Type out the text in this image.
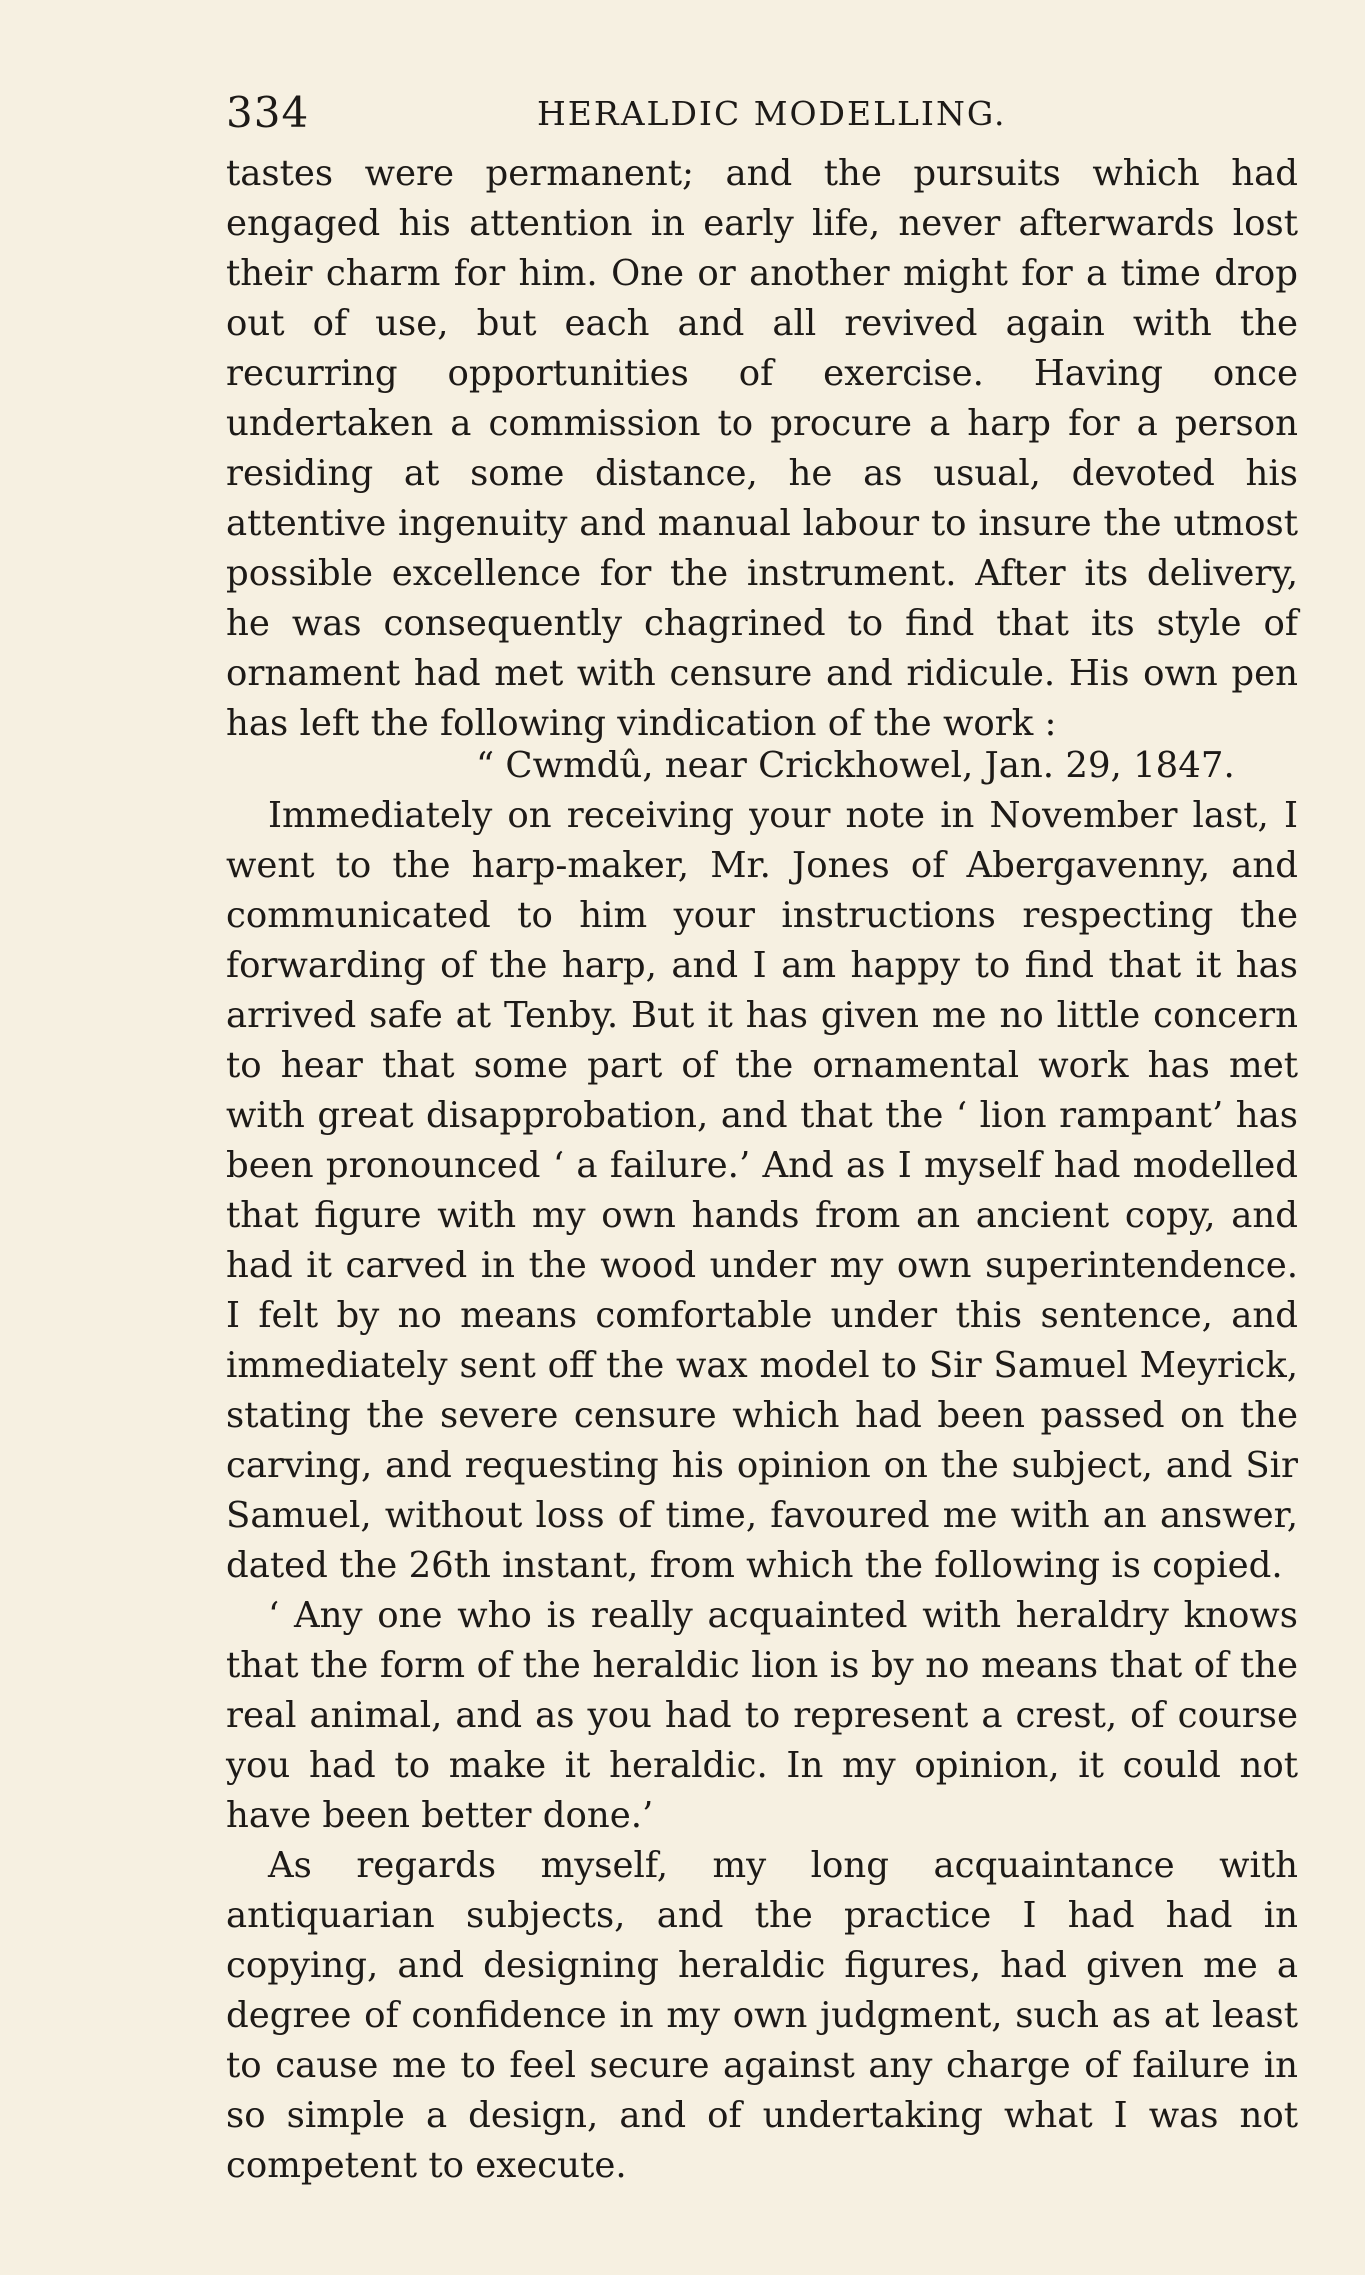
334	HERALDIC MODELLING.

tastes were permanent; and the pursuits which had engaged his attention in early life, never afterwards lost their charm for him. One or another might for a time drop out of use, but each and all revived again with the recurring opportunities of exercise. Having once undertaken a commission to procure a harp for a person residing at some distance, he as usual, devoted his attentive ingenuity and manual labour to insure the utmost possible excellence for the instrument. After its delivery, he was consequently chagrined to find that its style of ornament had met with censure and ridicule. His own pen has left the following vindication of the work :

“ Cwmdû, near Crickhowel, Jan. 29, 1847.

Immediately on receiving your note in November last, I went to the harp-maker, Mr. Jones of Abergavenny, and communicated to him your instructions respecting the forwarding of the harp, and I am happy to find that it has arrived safe at Tenby. But it has given me no little concern to hear that some part of the ornamental work has met with great disapprobation, and that the ‘ lion rampant’ has been pronounced ‘ a failure.’ And as I myself had modelled that figure with my own hands from an ancient copy, and had it carved in the wood under my own superintendence. I felt by no means comfortable under this sentence, and immediately sent off the wax model to Sir Samuel Meyrick, stating the severe censure which had been passed on the carving, and requesting his opinion on the subject, and Sir Samuel, without loss of time, favoured me with an answer, dated the 26th instant, from which the following is copied.

‘ Any one who is really acquainted with heraldry knows that the form of the heraldic lion is by no means that of the real animal, and as you had to represent a crest, of course you had to make it heraldic. In my opinion, it could not have been better done.’

As regards myself, my long acquaintance with antiquarian subjects, and the practice I had had in copying, and designing heraldic figures, had given me a degree of confidence in my own judgment, such as at least to cause me to feel secure against any charge of failure in so simple a design, and of undertaking what I was not competent to execute.
